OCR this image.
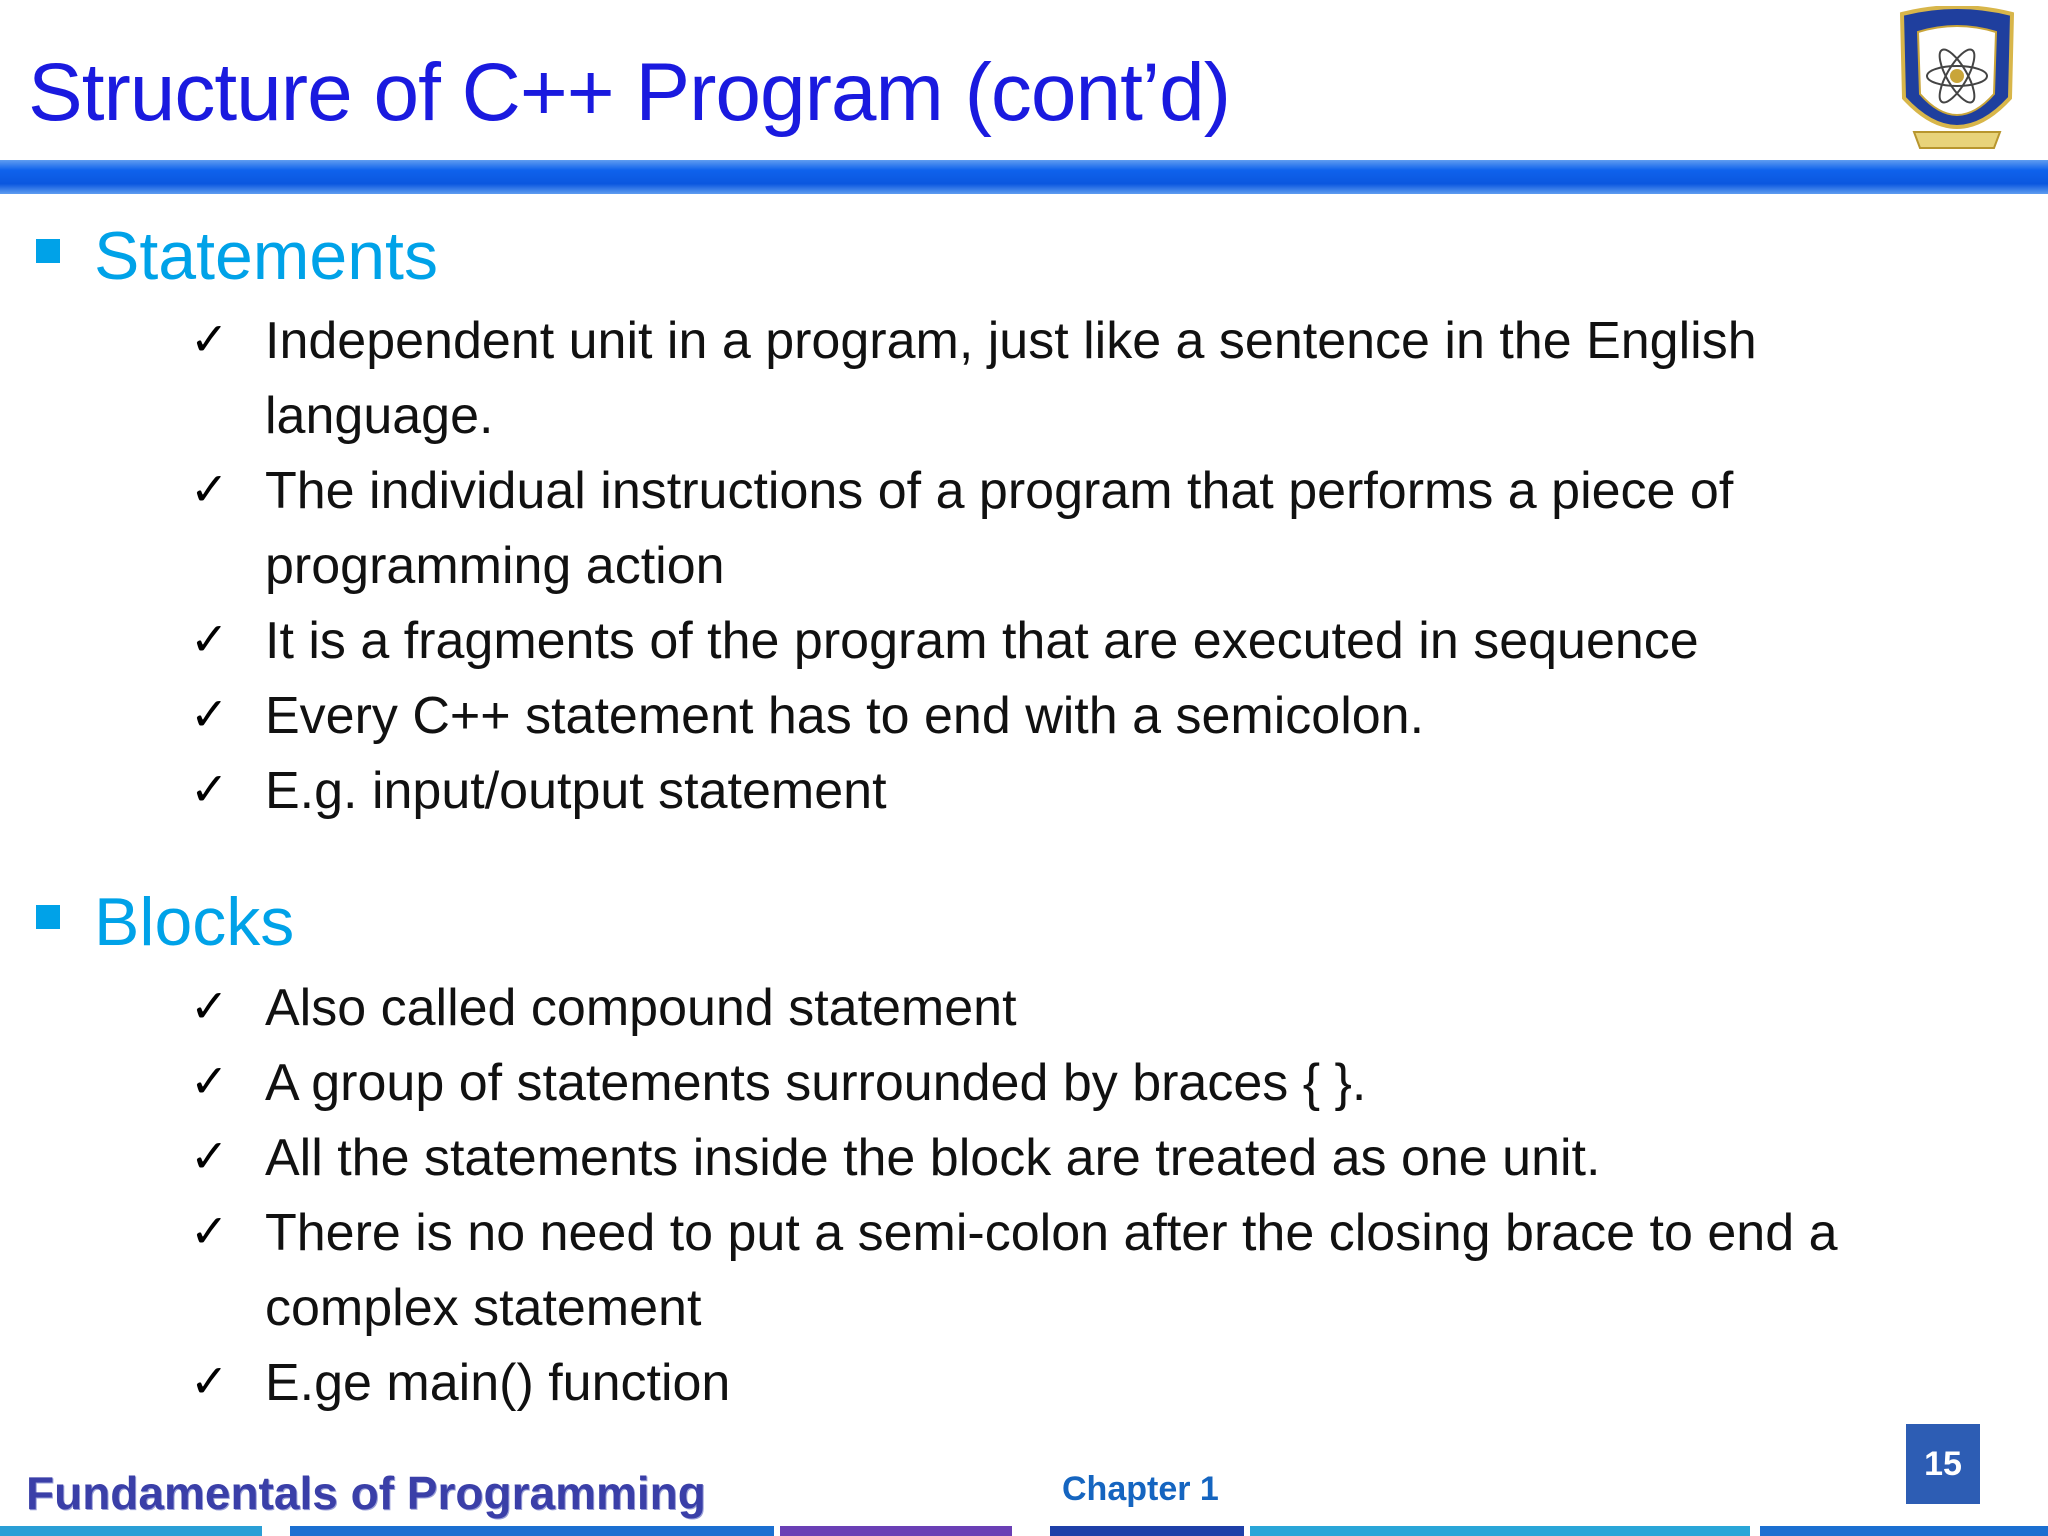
Structure of C++ Program (cont’d)
Statements
✓ Independent unit in a program, just like a sentence in the English language.
✓ The individual instructions of a program that performs a piece of programming action
✓ It is a fragments of the program that are executed in sequence
✓ Every C++ statement has to end with a semicolon.
✓ E.g. input/output statement
Blocks
✓ Also called compound statement
✓ A group of statements surrounded by braces { }.
✓ All the statements inside the block are treated as one unit.
✓ There is no need to put a semi-colon after the closing brace to end a complex statement
✓ E.ge main() function
Fundamentals of Programming	Chapter 1
15
